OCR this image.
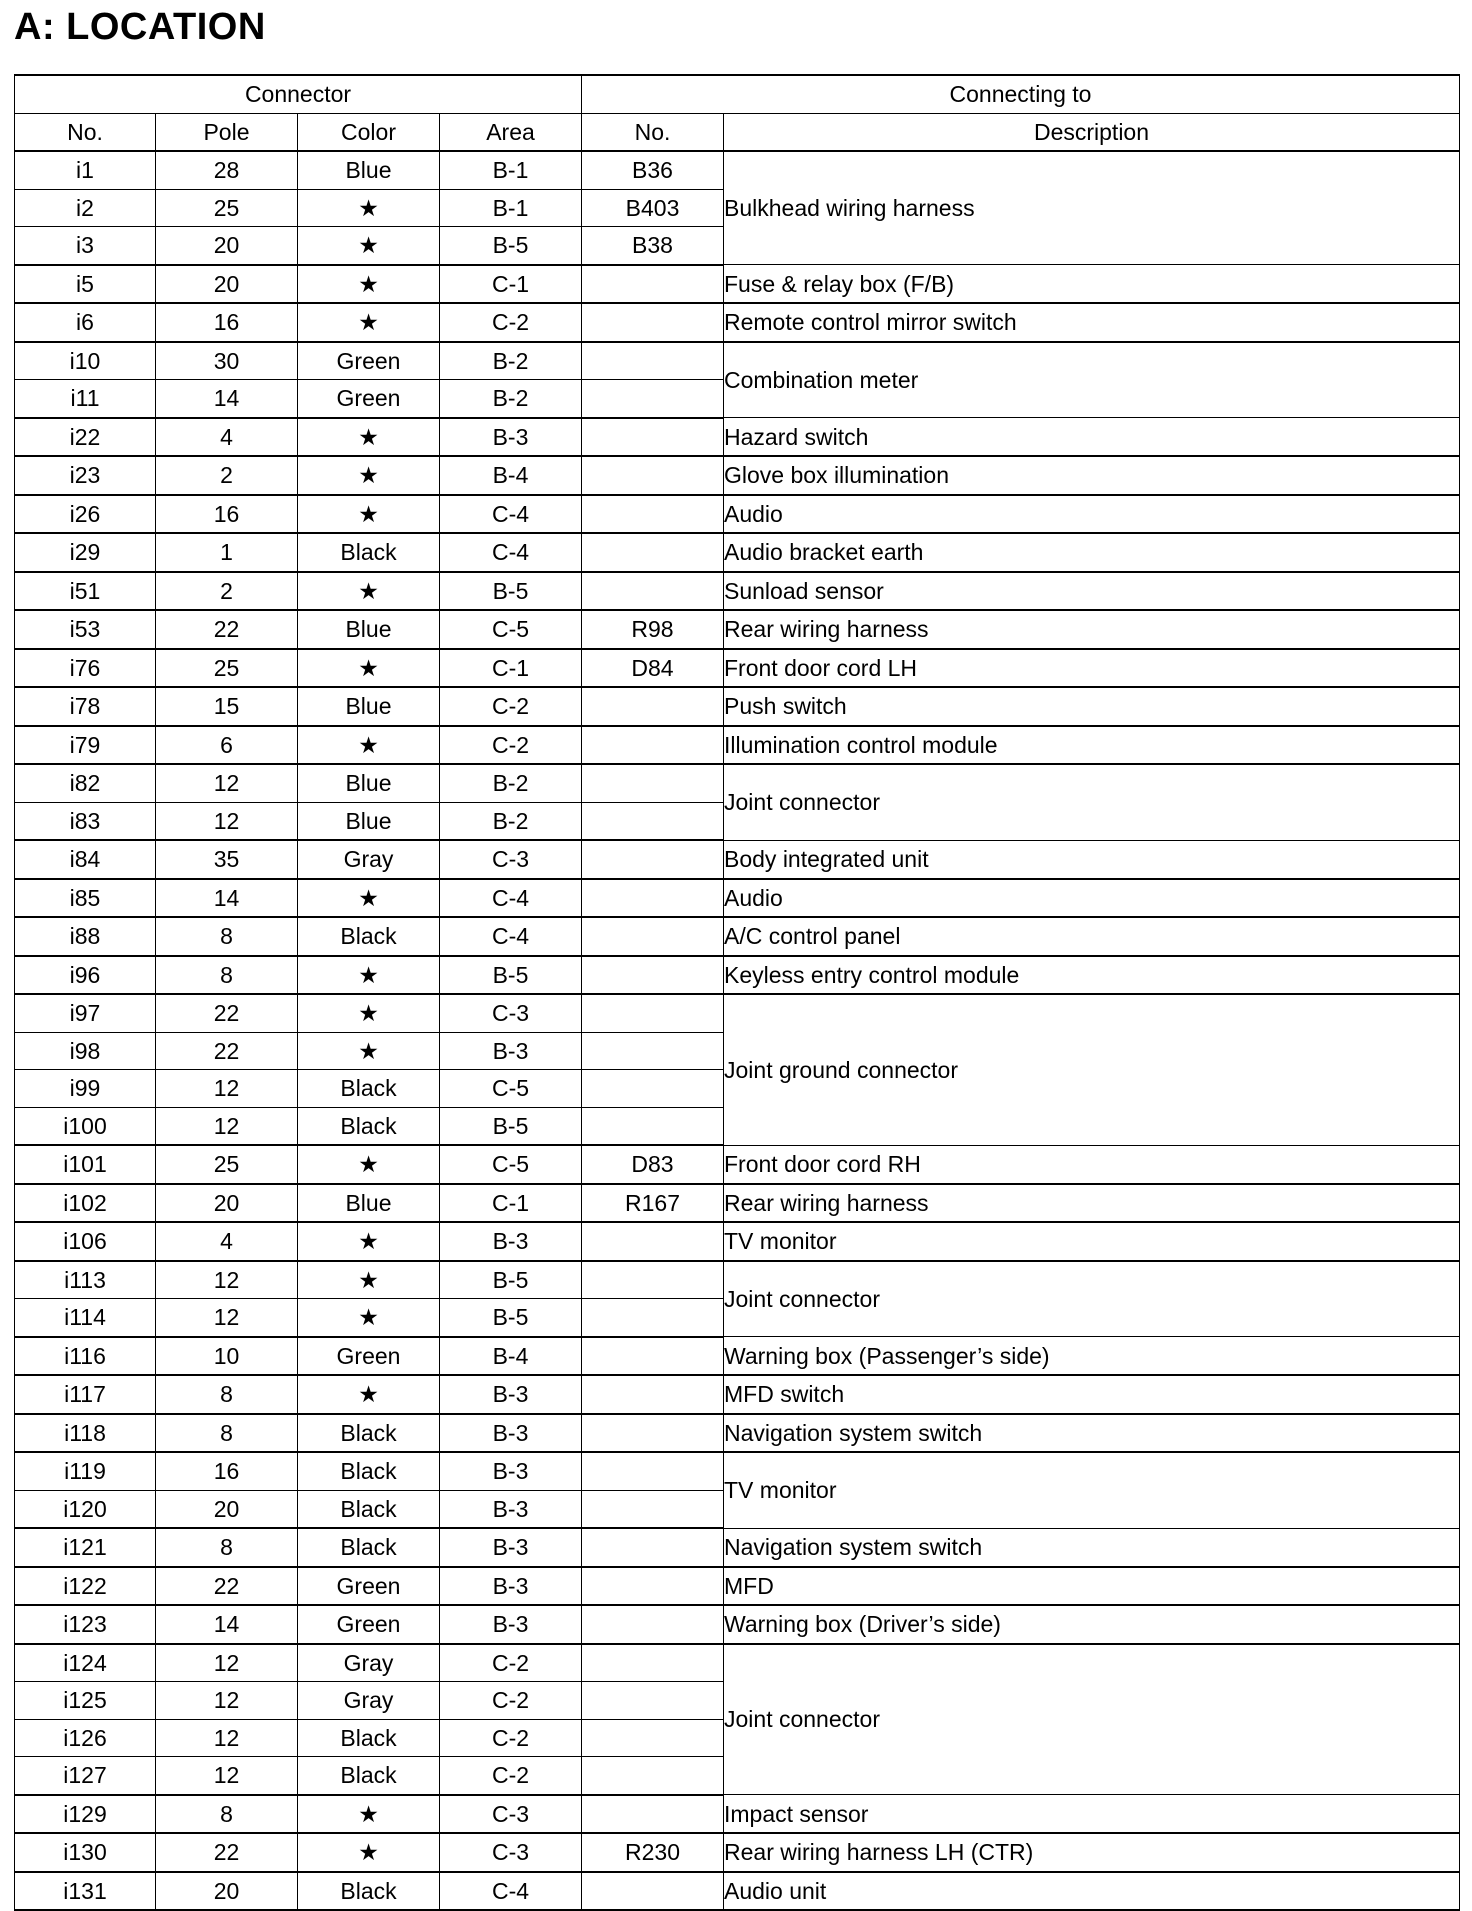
A: LOCATION
Connector				Connecting to	
No.	Pole	Color	Area	No.	Description
i1	28	Blue	B-1	B36	Bulkhead wiring harness
i2	25	★	B-1	B403	
i3	20	★	B-5	B38	
i5	20	★	C-1		Fuse & relay box (F/B)
i6	16	★	C-2		Remote control mirror switch
i10	30	Green	B-2		Combination meter
i11	14	Green	B-2		
i22	4	★	B-3		Hazard switch
i23	2	★	B-4		Glove box illumination
i26	16	★	C-4		Audio
i29	1	Black	C-4		Audio bracket earth
i51	2	★	B-5		Sunload sensor
i53	22	Blue	C-5	R98	Rear wiring harness
i76	25	★	C-1	D84	Front door cord LH
i78	15	Blue	C-2		Push switch
i79	6	★	C-2		Illumination control module
i82	12	Blue	B-2		Joint connector
i83	12	Blue	B-2		
i84	35	Gray	C-3		Body integrated unit
i85	14	★	C-4		Audio
i88	8	Black	C-4		A/C control panel
i96	8	★	B-5		Keyless entry control module
i97	22	★	C-3		Joint ground connector
i98	22	★	B-3		
i99	12	Black	C-5		
i100	12	Black	B-5		
i101	25	★	C-5	D83	Front door cord RH
i102	20	Blue	C-1	R167	Rear wiring harness
i106	4	★	B-3		TV monitor
i113	12	★	B-5		Joint connector
i114	12	★	B-5		
i116	10	Green	B-4		Warning box (Passenger’s side)
i117	8	★	B-3		MFD switch
i118	8	Black	B-3		Navigation system switch
i119	16	Black	B-3		TV monitor
i120	20	Black	B-3		
i121	8	Black	B-3		Navigation system switch
i122	22	Green	B-3		MFD
i123	14	Green	B-3		Warning box (Driver’s side)
i124	12	Gray	C-2		Joint connector
i125	12	Gray	C-2		
i126	12	Black	C-2		
i127	12	Black	C-2		
i129	8	★	C-3		Impact sensor
i130	22	★	C-3	R230	Rear wiring harness LH (CTR)
i131	20	Black	C-4		Audio unit
